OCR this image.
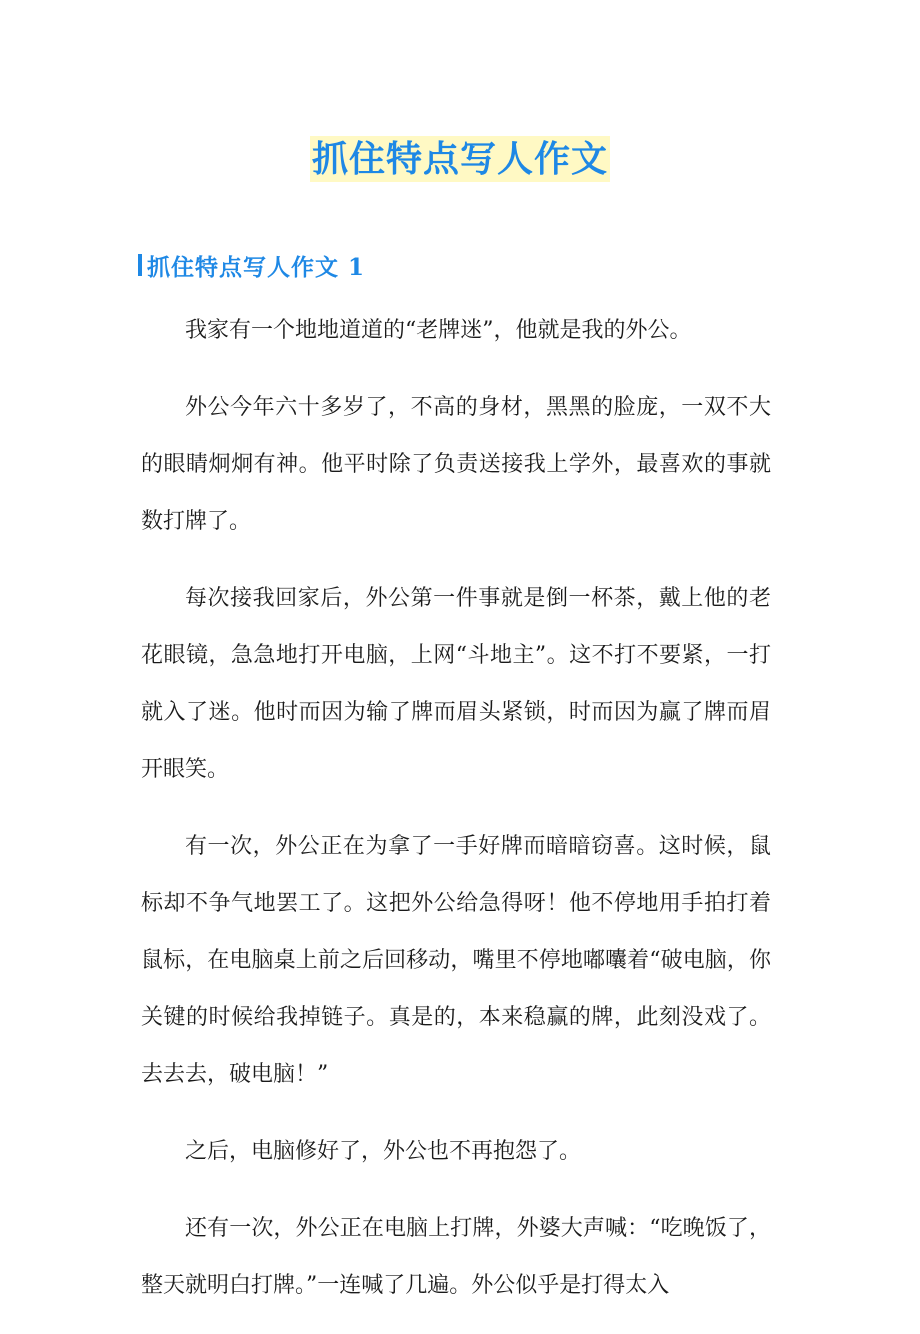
抓住特点写人作文
抓住特点写人作文 1

我家有一个地地道道的“老牌迷”，他就是我的外公。

外公今年六十多岁了，不高的身材，黑黑的脸庞，一双不大的眼睛炯炯有神。他平时除了负责送接我上学外，最喜欢的事就数打牌了。

每次接我回家后，外公第一件事就是倒一杯茶，戴上他的老花眼镜，急急地打开电脑，上网“斗地主”。这不打不要紧，一打就入了迷。他时而因为输了牌而眉头紧锁，时而因为赢了牌而眉开眼笑。

有一次，外公正在为拿了一手好牌而暗暗窃喜。这时候，鼠标却不争气地罢工了。这把外公给急得呀！他不停地用手拍打着鼠标，在电脑桌上前之后回移动，嘴里不停地嘟囔着“破电脑，你关键的时候给我掉链子。真是的，本来稳赢的牌，此刻没戏了。去去去，破电脑！”

之后，电脑修好了，外公也不再抱怨了。

还有一次，外公正在电脑上打牌，外婆大声喊：“吃晚饭了，整天就明白打牌。”一连喊了几遍。外公似乎是打得太入
